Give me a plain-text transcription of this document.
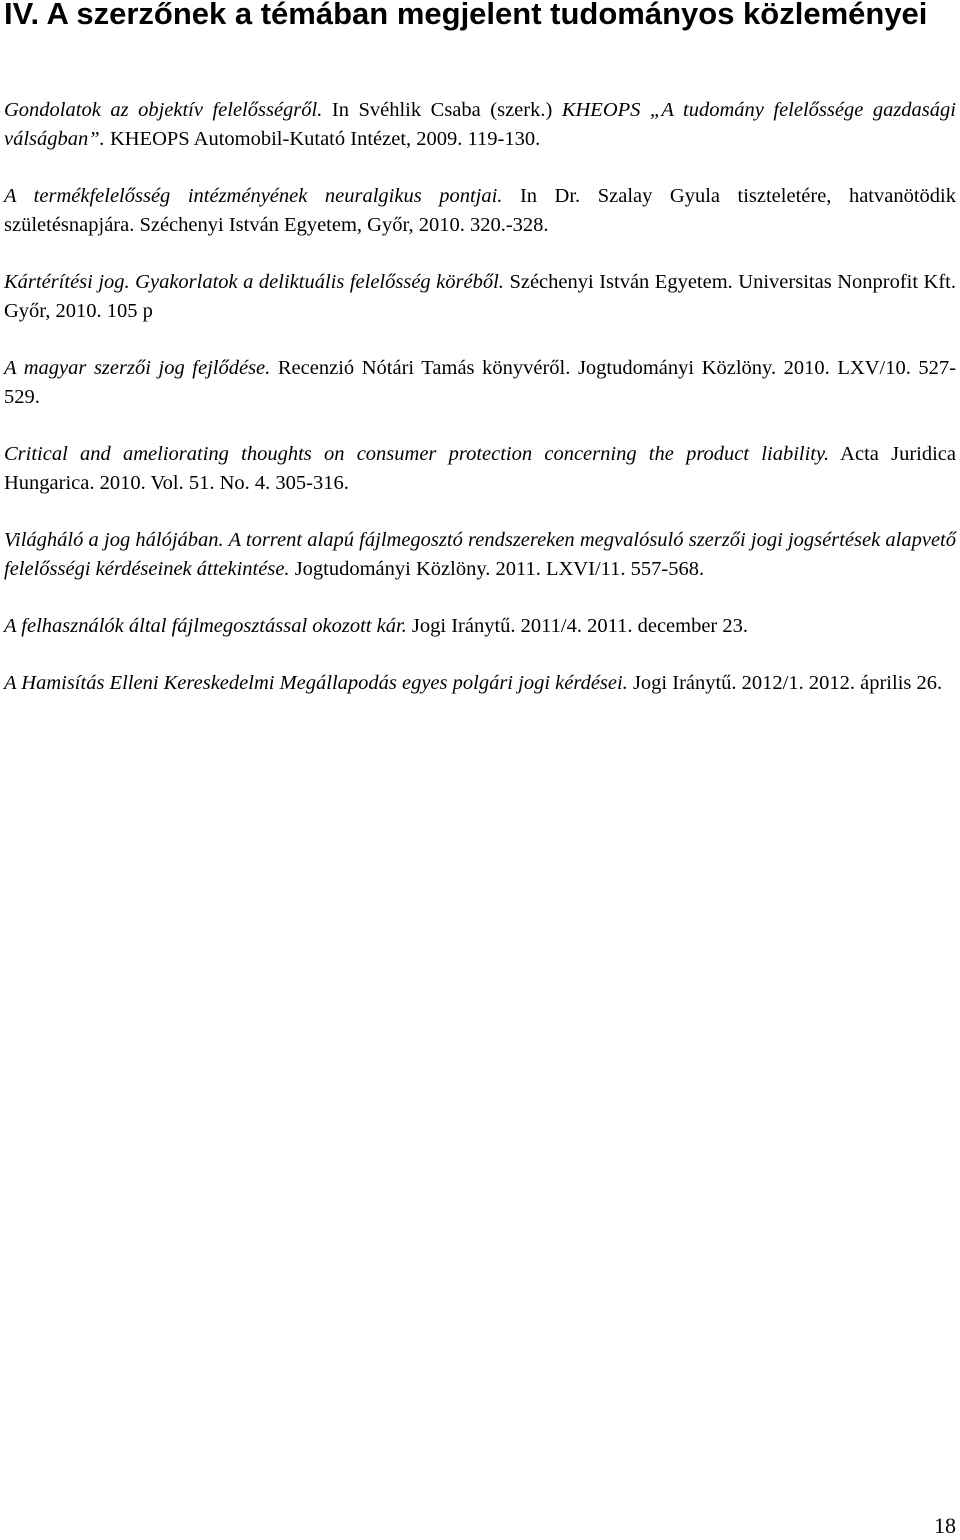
IV. A szerzőnek a témában megjelent tudományos közleményei

Gondolatok az objektív felelősségről. In Svéhlik Csaba (szerk.) KHEOPS „A tudomány felelőssége gazdasági válságban”. KHEOPS Automobil-Kutató Intézet, 2009. 119-130.

A termékfelelősség intézményének neuralgikus pontjai. In Dr. Szalay Gyula tiszteletére, hatvanötödik születésnapjára. Széchenyi István Egyetem, Győr, 2010. 320.-328.

Kártérítési jog. Gyakorlatok a deliktuális felelősség köréből. Széchenyi István Egyetem. Universitas Nonprofit Kft. Győr, 2010. 105 p

A magyar szerzői jog fejlődése. Recenzió Nótári Tamás könyvéről. Jogtudományi Közlöny. 2010. LXV/10. 527-529.

Critical and ameliorating thoughts on consumer protection concerning the product liability. Acta Juridica Hungarica. 2010. Vol. 51. No. 4. 305-316.

Világháló a jog hálójában. A torrent alapú fájlmegosztó rendszereken megvalósuló szerzői jogi jogsértések alapvető felelősségi kérdéseinek áttekintése. Jogtudományi Közlöny. 2011. LXVI/11. 557-568.

A felhasználók által fájlmegosztással okozott kár. Jogi Iránytű. 2011/4. 2011. december 23.

A Hamisítás Elleni Kereskedelmi Megállapodás egyes polgári jogi kérdései. Jogi Iránytű. 2012/1. 2012. április 26.

18
